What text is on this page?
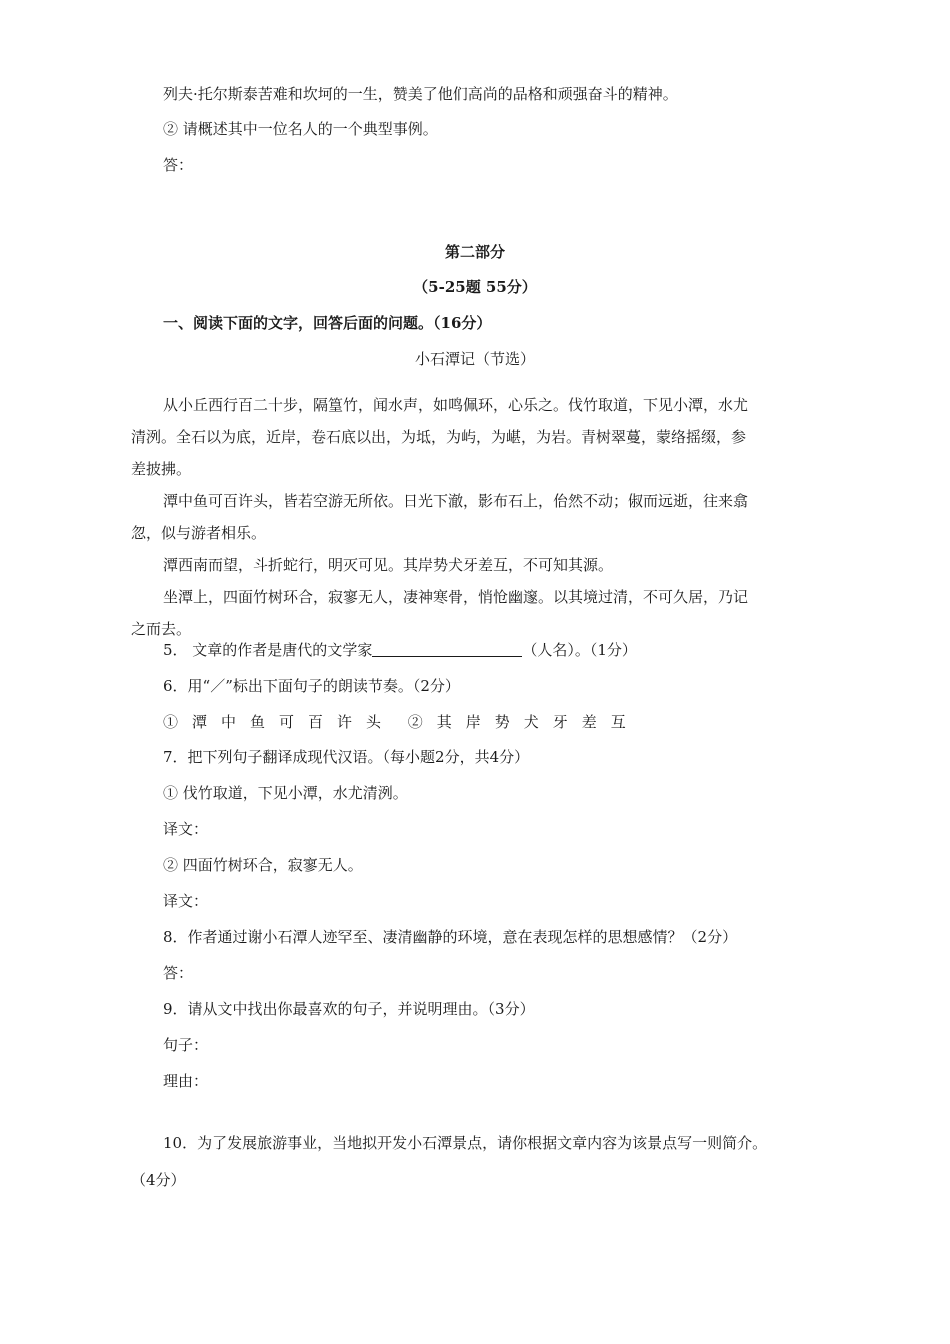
列夫·托尔斯泰苦难和坎坷的一生，赞美了他们高尚的品格和顽强奋斗的精神。
② 请概述其中一位名人的一个典型事例。
答：
第二部分
（5-25题 55分）
一、阅读下面的文字，回答后面的问题。（16分）
小石潭记（节选）
从小丘西行百二十步，隔篁竹，闻水声，如鸣佩环，心乐之。伐竹取道，下见小潭，水尤
清洌。全石以为底，近岸，卷石底以出，为坻，为屿，为嵁，为岩。青树翠蔓，蒙络摇缀，参
差披拂。
潭中鱼可百许头，皆若空游无所依。日光下澈，影布石上，佁然不动；俶而远逝，往来翕
忽，似与游者相乐。
潭西南而望，斗折蛇行，明灭可见。其岸势犬牙差互，不可知其源。
坐潭上，四面竹树环合，寂寥无人，凄神寒骨，悄怆幽邃。以其境过清，不可久居，乃记
之而去。
5． 文章的作者是唐代的文学家	（人名）。（1分）
6．用“／”标出下面句子的朗读节奏。（2分）
①潭中鱼可百许头 ②其岸势犬牙差互
7．把下列句子翻译成现代汉语。（每小题2分，共4分）
① 伐竹取道，下见小潭，水尤清洌。
译文：
② 四面竹树环合，寂寥无人。
译文：
8．作者通过谢小石潭人迹罕至、凄清幽静的环境，意在表现怎样的思想感情？（2分）
答：
9．请从文中找出你最喜欢的句子，并说明理由。（3分）
句子：
理由：
10．为了发展旅游事业，当地拟开发小石潭景点，请你根据文章内容为该景点写一则简介。
（4分）
